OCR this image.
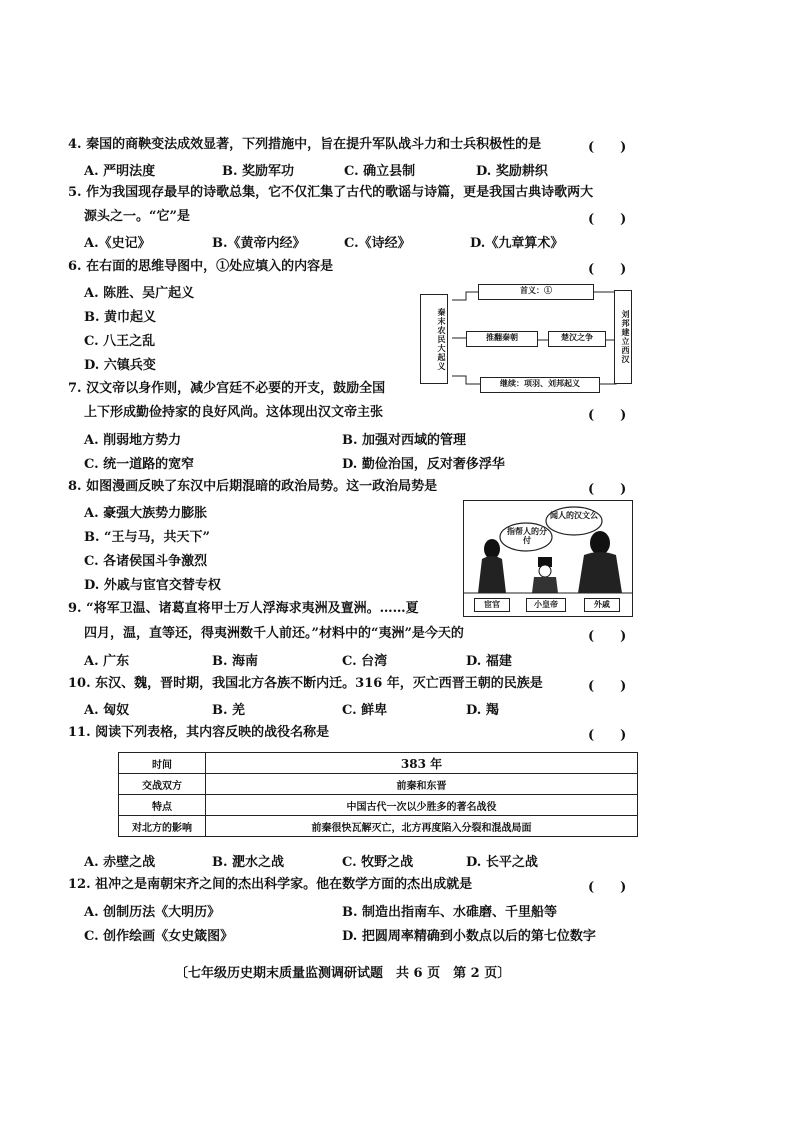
4. 秦国的商鞅变法成效显著，下列措施中，旨在提升军队战斗力和士兵积极性的是	(　　)
A. 严明法度	B. 奖励军功	C. 确立县制	D. 奖励耕织
5. 作为我国现存最早的诗歌总集，它不仅汇集了古代的歌谣与诗篇，更是我国古典诗歌两大
源头之一。“它”是	(　　)
A.《史记》	B.《黄帝内经》	C.《诗经》	D.《九章算术》
6. 在右面的思维导图中，①处应填入的内容是	(　　)
A. 陈胜、吴广起义
B. 黄巾起义
C. 八王之乱
D. 六镇兵变	秦末农民大起义
首义：①
推翻秦朝	楚汉之争
继续：项羽、刘邦起义
刘邦建立西汉
7. 汉文帝以身作则，减少宫廷不必要的开支，鼓励全国
上下形成勤俭持家的良好风尚。这体现出汉文帝主张	(　　)
A. 削弱地方势力	B. 加强对西域的管理
C. 统一道路的宽窄	D. 勤俭治国，反对奢侈浮华
8. 如图漫画反映了东汉中后期混暗的政治局势。这一政治局势是	(　　)
A. 豪强大族势力膨胀
B. “王与马，共天下”
C. 各诸侯国斗争激烈
D. 外戚与宦官交替专权
指帮人的分付
闻人的汉文么
宦官	小皇帝	外戚
9. “将军卫温、诸葛直将甲士万人浮海求夷洲及亶洲。……夏
四月，温，直等还，得夷洲数千人前还。”材料中的“夷洲”是今天的	(　　)
A. 广东	B. 海南	C. 台湾	D. 福建
10. 东汉、魏，晋时期，我国北方各族不断内迁。316 年，灭亡西晋王朝的民族是	(　　)
A. 匈奴	B. 羌	C. 鲜卑	D. 羯
11. 阅读下列表格，其内容反映的战役名称是	(　　)
时间	383 年
交战双方	前秦和东晋
特点	中国古代一次以少胜多的著名战役
对北方的影响	前秦很快瓦解灭亡，北方再度陷入分裂和混战局面
A. 赤壁之战	B. 淝水之战	C. 牧野之战	D. 长平之战
12. 祖冲之是南朝宋齐之间的杰出科学家。他在数学方面的杰出成就是	(　　)
A. 创制历法《大明历》	B. 制造出指南车、水碓磨、千里船等
C. 创作绘画《女史箴图》	D. 把圆周率精确到小数点以后的第七位数字
〔七年级历史期末质量监测调研试题　共 6 页　第 2 页〕
